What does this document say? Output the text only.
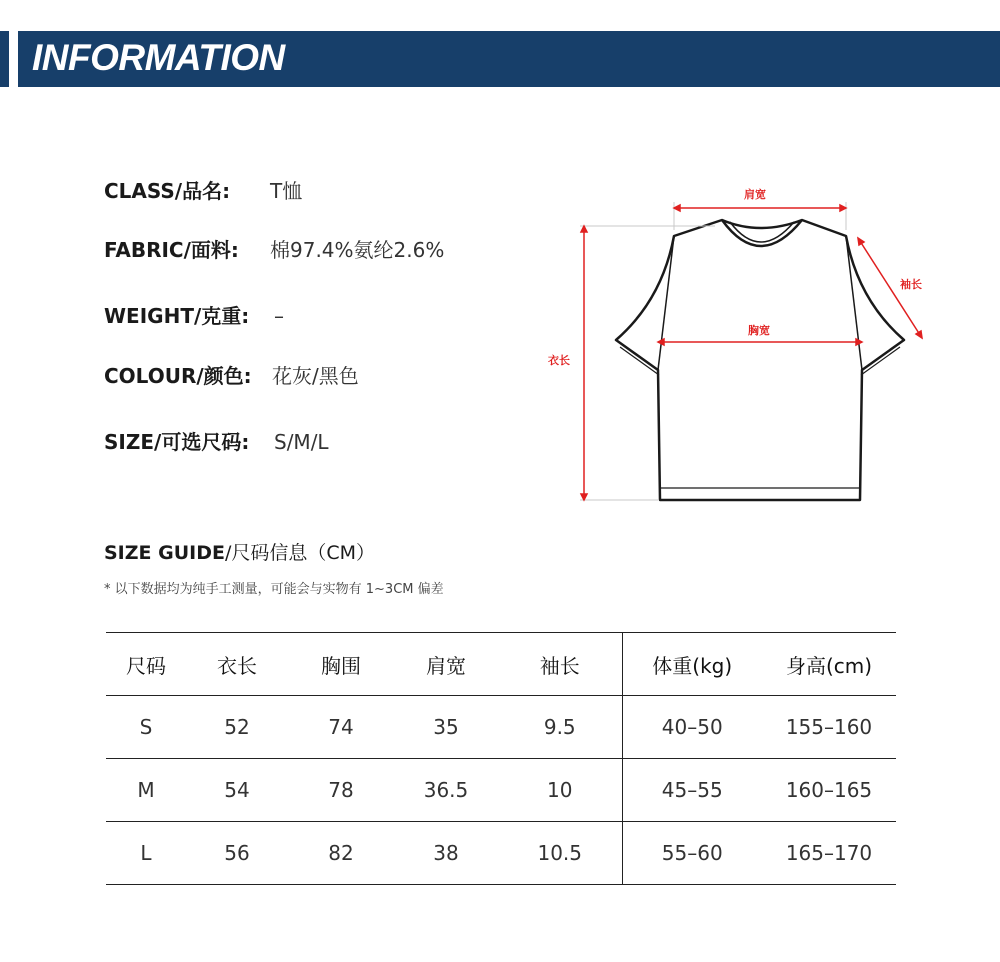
INFORMATION
CLASS/品名: T恤
FABRIC/面料: 棉97.4%氨纶2.6%
WEIGHT/克重: –
COLOUR/颜色: 花灰/黑色
SIZE/可选尺码: S/M/L
肩宽
胸宽
衣长
袖长
SIZE GUIDE/尺码信息（CM）
* 以下数据均为纯手工测量，可能会与实物有 1~3CM 偏差
尺码	衣长	胸围	肩宽	袖长	体重(kg)	身高(cm)
S	52	74	35	9.5	40–50	155–160
M	54	78	36.5	10	45–55	160–165
L	56	82	38	10.5	55–60	165–170
